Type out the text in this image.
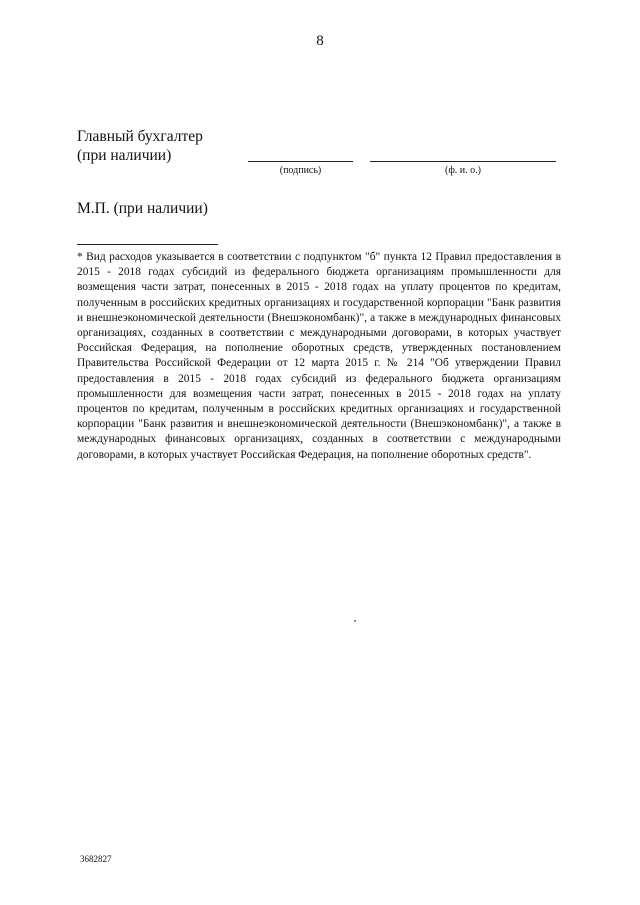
8
Главный бухгалтер
(при наличии)
(подпись)	(ф. и. о.)
М.П. (при наличии)
* Вид расходов указывается в соответствии с подпунктом "б" пункта 12 Правил предоставления в 2015 - 2018 годах субсидий из федерального бюджета организациям промышленности для возмещения части затрат, понесенных в 2015 - 2018 годах на уплату процентов по кредитам, полученным в российских кредитных организациях и государственной корпорации "Банк развития и внешнеэкономической деятельности (Внешэкономбанк)", а также в международных финансовых организациях, созданных в соответствии с международными договорами, в которых участвует Российская Федерация, на пополнение оборотных средств, утвержденных постановлением Правительства Российской Федерации от 12 марта 2015 г. № 214 "Об утверждении Правил предоставления в 2015 - 2018 годах субсидий из федерального бюджета организациям промышленности для возмещения части затрат, понесенных в 2015 - 2018 годах на уплату процентов по кредитам, полученным в российских кредитных организациях и государственной корпорации "Банк развития и внешнеэкономической деятельности (Внешэкономбанк)", а также в международных финансовых организациях, созданных в соответствии с международными договорами, в которых участвует Российская Федерация, на пополнение оборотных средств".
3682827
